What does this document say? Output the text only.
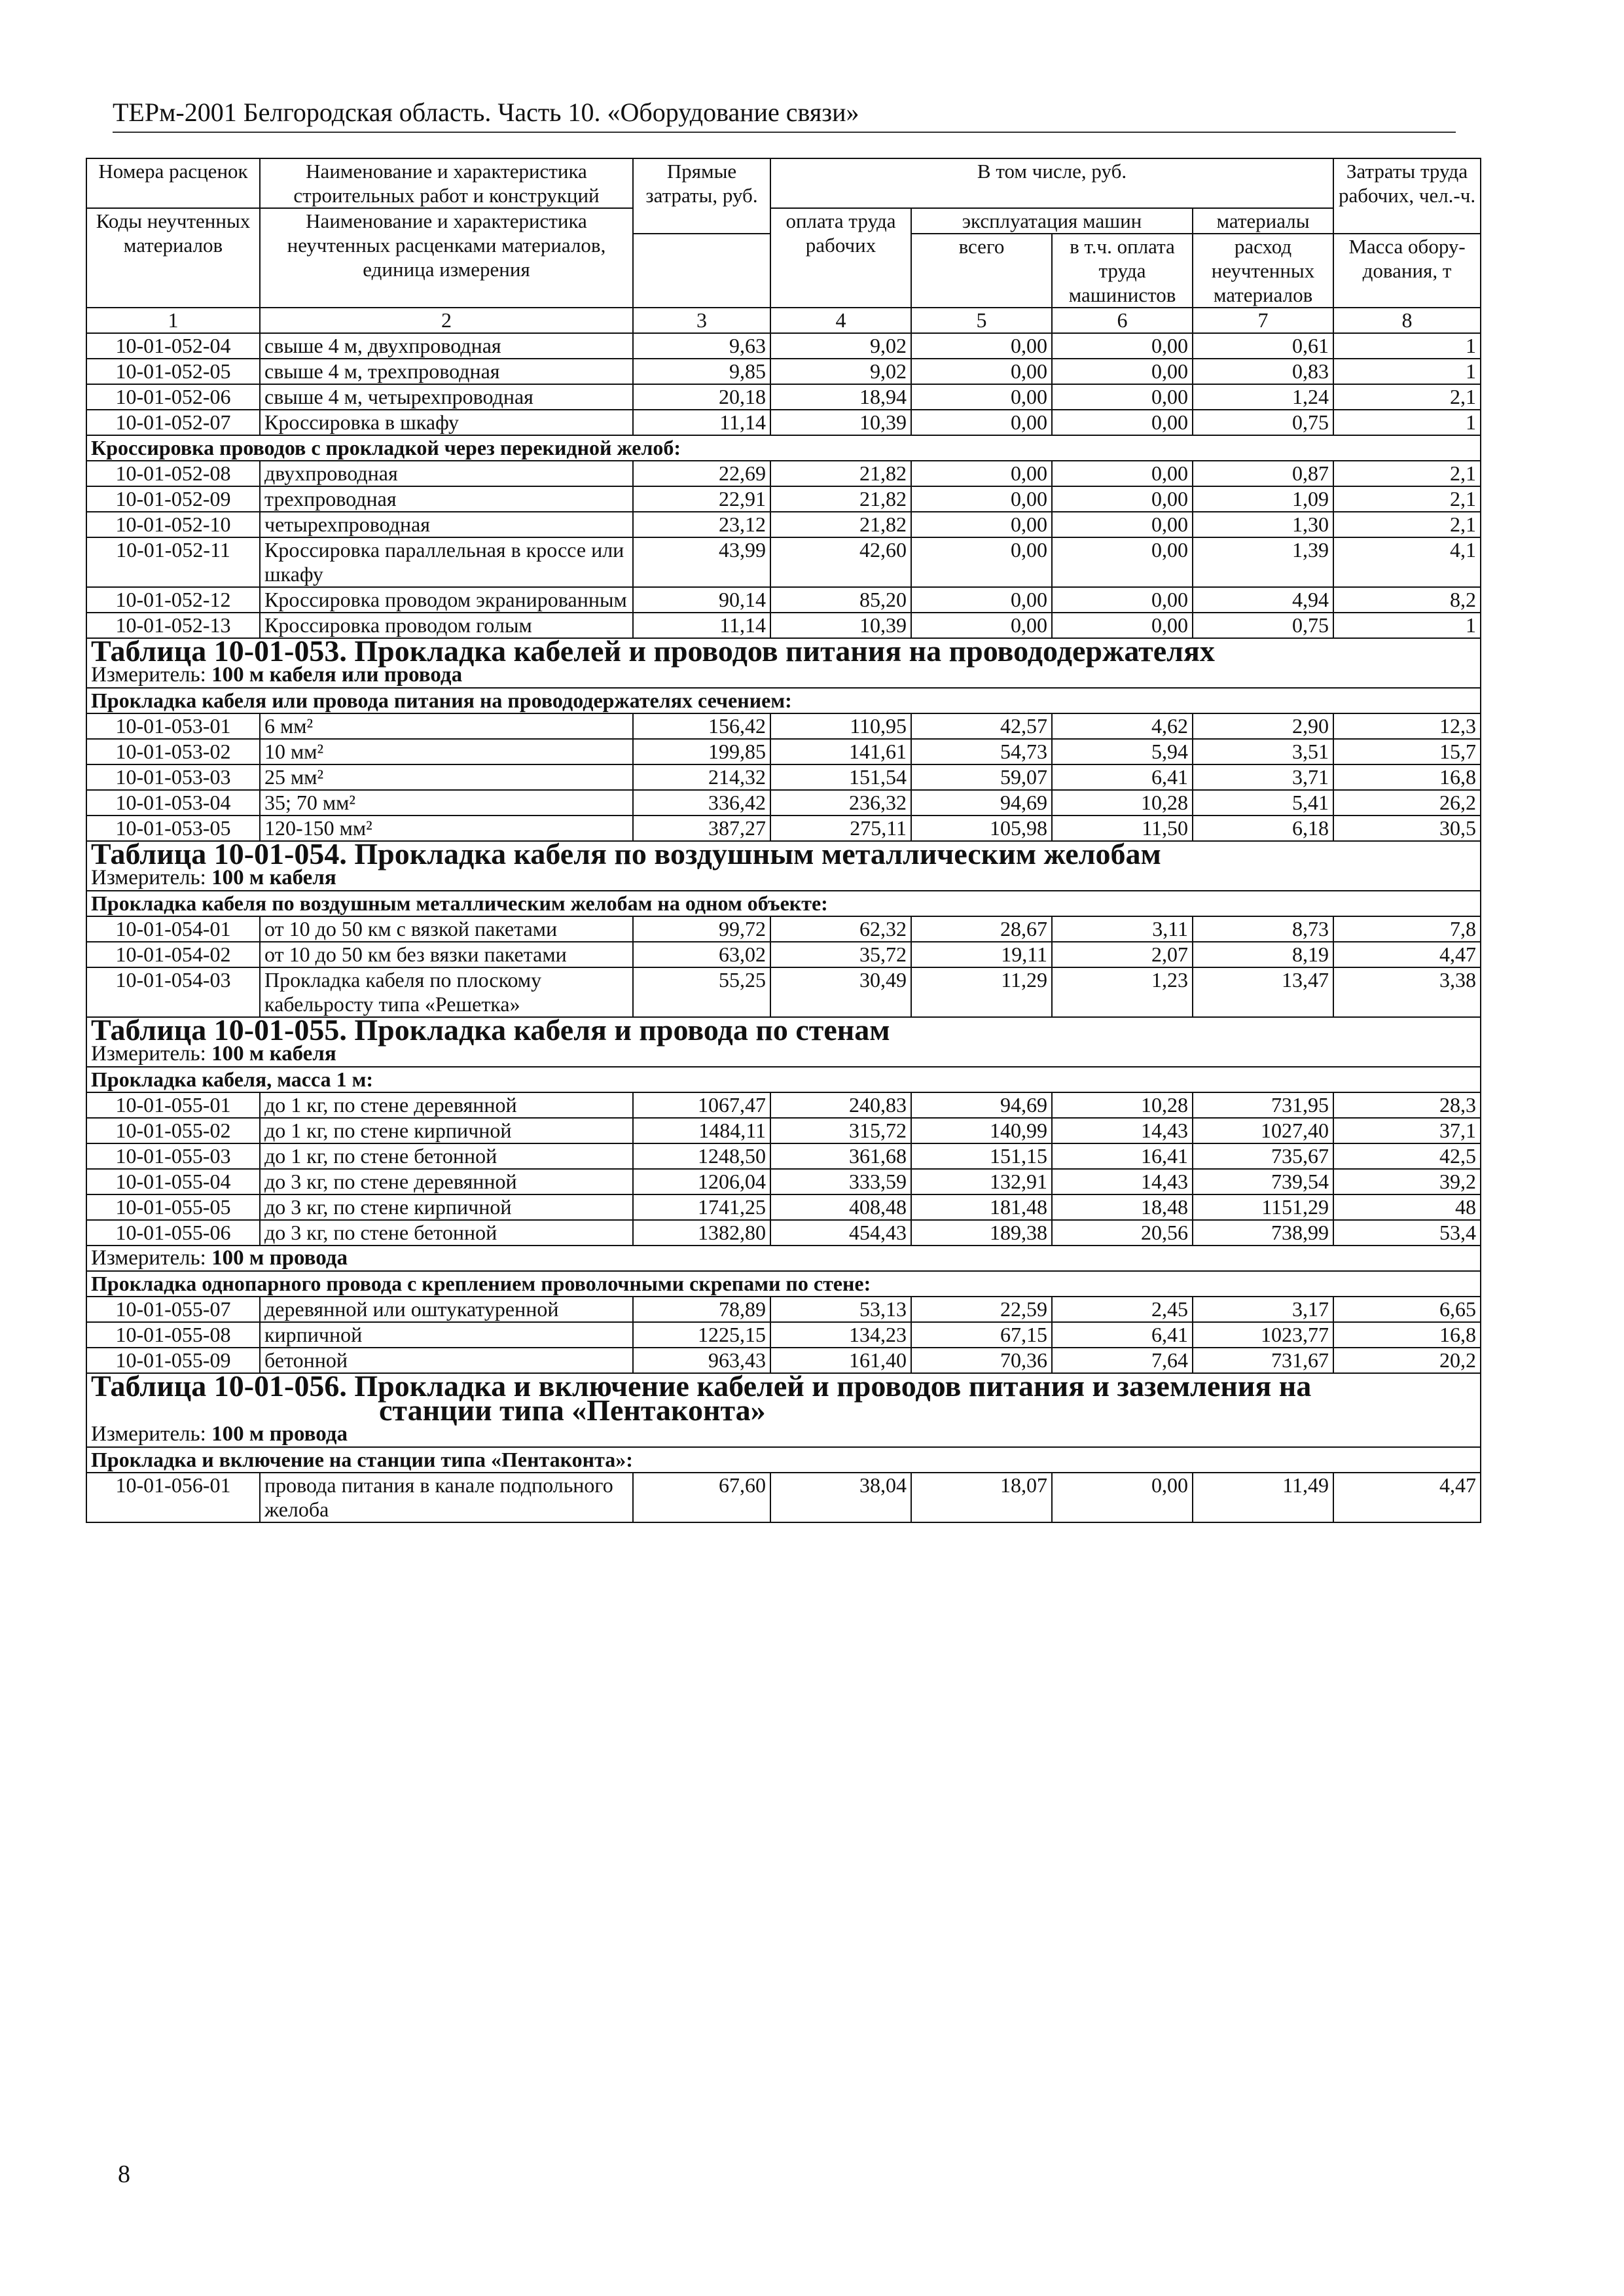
ТЕРм-2001 Белгородская область. Часть 10. «Оборудование связи»
Номера расценок	Наименование и характеристика строительных работ и конструкций	Прямые затраты, руб.	В том числе, руб.				Затраты труда рабочих, чел.-ч.
Коды неучтенных материалов	Наименование и характеристика неучтенных расценками материалов, единица измерения		оплата труда рабочих	эксплуатация машин		материалы	
				всего	в т.ч. оплата труда машинистов	расход неучтенных материалов	Масса обору-дования, т

1	2	3	4	5	6	7	8
10-01-052-04	свыше 4 м, двухпроводная	9,63	9,02	0,00	0,00	0,61	1
10-01-052-05	свыше 4 м, трехпроводная	9,85	9,02	0,00	0,00	0,83	1
10-01-052-06	свыше 4 м, четырехпроводная	20,18	18,94	0,00	0,00	1,24	2,1
10-01-052-07	Кроссировка в шкафу	11,14	10,39	0,00	0,00	0,75	1
Кроссировка проводов с прокладкой через перекидной желоб:							
10-01-052-08	двухпроводная	22,69	21,82	0,00	0,00	0,87	2,1
10-01-052-09	трехпроводная	22,91	21,82	0,00	0,00	1,09	2,1
10-01-052-10	четырехпроводная	23,12	21,82	0,00	0,00	1,30	2,1
10-01-052-11	Кроссировка параллельная в кроссе или шкафу	43,99	42,60	0,00	0,00	1,39	4,1
10-01-052-12	Кроссировка проводом экранированным	90,14	85,20	0,00	0,00	4,94	8,2
10-01-052-13	Кроссировка проводом голым	11,14	10,39	0,00	0,00	0,75	1
Таблица 10-01-053. Прокладка кабелей и проводов питания на провододержателях							
Измеритель: 100 м кабеля или провода							
Прокладка кабеля или провода питания на провододержателях сечением:							
10-01-053-01	6 мм²	156,42	110,95	42,57	4,62	2,90	12,3
10-01-053-02	10 мм²	199,85	141,61	54,73	5,94	3,51	15,7
10-01-053-03	25 мм²	214,32	151,54	59,07	6,41	3,71	16,8
10-01-053-04	35; 70 мм²	336,42	236,32	94,69	10,28	5,41	26,2
10-01-053-05	120-150 мм²	387,27	275,11	105,98	11,50	6,18	30,5
Таблица 10-01-054. Прокладка кабеля по воздушным металлическим желобам							
Измеритель: 100 м кабеля							
Прокладка кабеля по воздушным металлическим желобам на одном объекте:							
10-01-054-01	от 10 до 50 км с вязкой пакетами	99,72	62,32	28,67	3,11	8,73	7,8
10-01-054-02	от 10 до 50 км без вязки пакетами	63,02	35,72	19,11	2,07	8,19	4,47
10-01-054-03	Прокладка кабеля по плоскому кабельросту типа «Решетка»	55,25	30,49	11,29	1,23	13,47	3,38
Таблица 10-01-055. Прокладка кабеля и провода по стенам							
Измеритель: 100 м кабеля							
Прокладка кабеля, масса 1 м:							
10-01-055-01	до 1 кг, по стене деревянной	1067,47	240,83	94,69	10,28	731,95	28,3
10-01-055-02	до 1 кг, по стене кирпичной	1484,11	315,72	140,99	14,43	1027,40	37,1
10-01-055-03	до 1 кг, по стене бетонной	1248,50	361,68	151,15	16,41	735,67	42,5
10-01-055-04	до 3 кг, по стене деревянной	1206,04	333,59	132,91	14,43	739,54	39,2
10-01-055-05	до 3 кг, по стене кирпичной	1741,25	408,48	181,48	18,48	1151,29	48
10-01-055-06	до 3 кг, по стене бетонной	1382,80	454,43	189,38	20,56	738,99	53,4
Измеритель: 100 м провода							
Прокладка однопарного провода с креплением проволочными скрепами по стене:							
10-01-055-07	деревянной или оштукатуренной	78,89	53,13	22,59	2,45	3,17	6,65
10-01-055-08	кирпичной	1225,15	134,23	67,15	6,41	1023,77	16,8
10-01-055-09	бетонной	963,43	161,40	70,36	7,64	731,67	20,2
Таблица 10-01-056. Прокладка и включение кабелей и проводов питания и заземления на
станции типа «Пентаконта»							

Измеритель: 100 м провода							
Прокладка и включение на станции типа «Пентаконта»:							
10-01-056-01	провода питания в канале подпольного желоба	67,60	38,04	18,07	0,00	11,49	4,47
8
